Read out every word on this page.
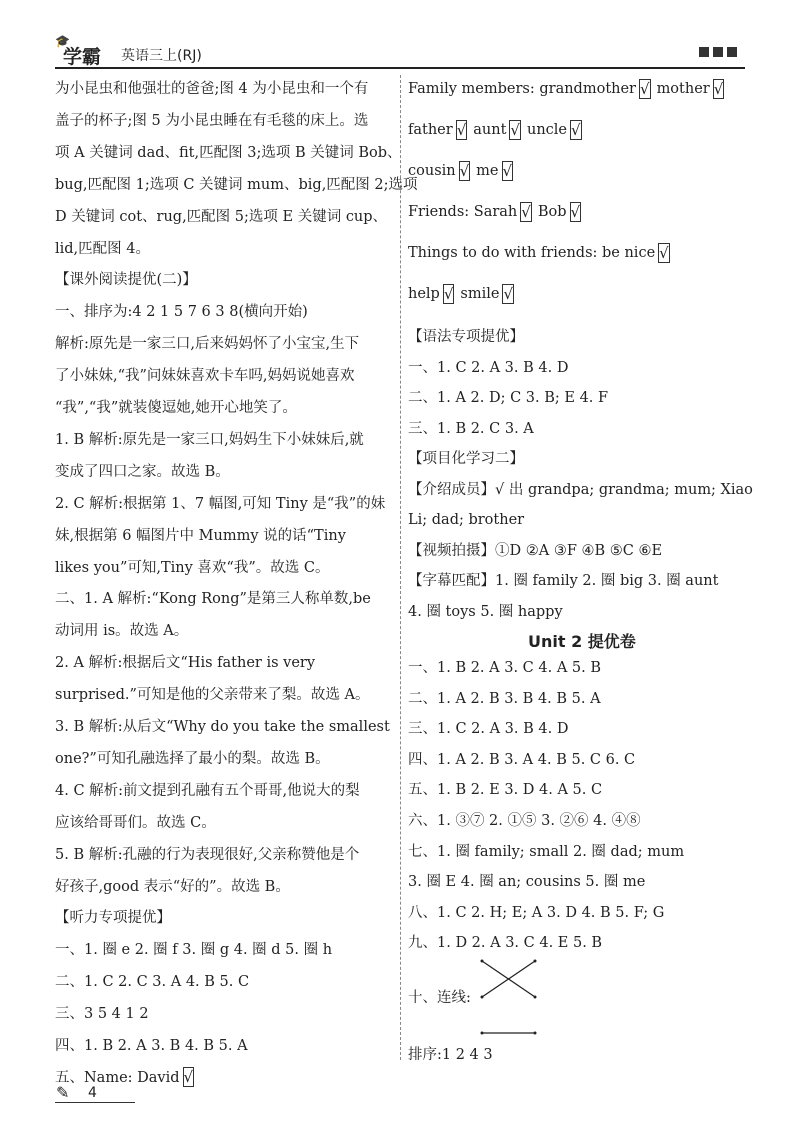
🎓
学霸 英语三上(RJ)
为小昆虫和他强壮的爸爸;图 4 为小昆虫和一个有
盖子的杯子;图 5 为小昆虫睡在有毛毯的床上。选
项 A 关键词 dad、fit,匹配图 3;选项 B 关键词 Bob、
bug,匹配图 1;选项 C 关键词 mum、big,匹配图 2;选项
D 关键词 cot、rug,匹配图 5;选项 E 关键词 cup、
lid,匹配图 4。
【课外阅读提优(二)】
一、排序为:4 2 1 5 7 6 3 8(横向开始)
解析:原先是一家三口,后来妈妈怀了小宝宝,生下
了小妹妹,“我”问妹妹喜欢卡车吗,妈妈说她喜欢
“我”,“我”就装傻逗她,她开心地笑了。
1. B 解析:原先是一家三口,妈妈生下小妹妹后,就
变成了四口之家。故选 B。
2. C 解析:根据第 1、7 幅图,可知 Tiny 是“我”的妹
妹,根据第 6 幅图片中 Mummy 说的话“Tiny
likes you”可知,Tiny 喜欢“我”。故选 C。
二、1. A 解析:“Kong Rong”是第三人称单数,be
动词用 is。故选 A。
2. A 解析:根据后文“His father is very
surprised.”可知是他的父亲带来了梨。故选 A。
3. B 解析:从后文“Why do you take the smallest
one?”可知孔融选择了最小的梨。故选 B。
4. C 解析:前文提到孔融有五个哥哥,他说大的梨
应该给哥哥们。故选 C。
5. B 解析:孔融的行为表现很好,父亲称赞他是个
好孩子,good 表示“好的”。故选 B。
【听力专项提优】
一、1. 圈 e 2. 圈 f 3. 圈 g 4. 圈 d 5. 圈 h
二、1. C 2. C 3. A 4. B 5. C
三、3 5 4 1 2
四、1. B 2. A 3. B 4. B 5. A
五、Name: David √
Family members: grandmother √ mother √
father √ aunt √ uncle √
cousin √ me √
Friends: Sarah √ Bob √
Things to do with friends: be nice √
help √ smile √
【语法专项提优】
一、1. C 2. A 3. B 4. D
二、1. A 2. D; C 3. B; E 4. F
三、1. B 2. C 3. A
【项目化学习二】
【介绍成员】√ 出 grandpa; grandma; mum; Xiao
Li; dad; brother
【视频拍摄】①D ②A ③F ④B ⑤C ⑥E
【字幕匹配】1. 圈 family 2. 圈 big 3. 圈 aunt
4. 圈 toys 5. 圈 happy
Unit 2 提优卷
一、1. B 2. A 3. C 4. A 5. B
二、1. A 2. B 3. B 4. B 5. A
三、1. C 2. A 3. B 4. D
四、1. A 2. B 3. A 4. B 5. C 6. C
五、1. B 2. E 3. D 4. A 5. C
六、1. ③⑦ 2. ①⑤ 3. ②⑥ 4. ④⑧
七、1. 圈 family; small 2. 圈 dad; mum
3. 圈 E 4. 圈 an; cousins 5. 圈 me
八、1. C 2. H; E; A 3. D 4. B 5. F; G
九、1. D 2. A 3. C 4. E 5. B
十、连线:
排序:1 2 4 3
✎ 4
